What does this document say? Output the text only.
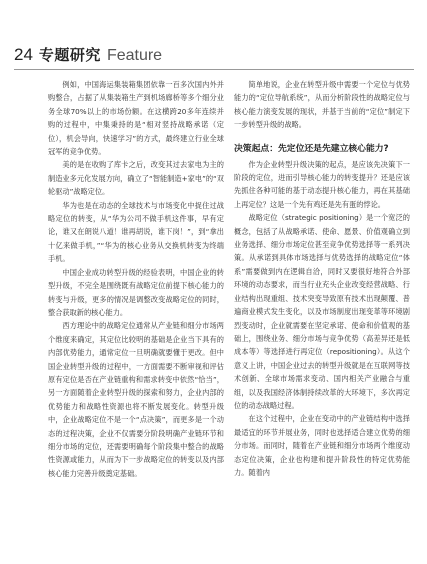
24 专题研究 Feature

例如，中国海运集装箱集团依靠一百多次国内外并购整合，占据了从集装箱生产到机场廊桥等多个细分业务全球70%以上的市场份额。在这横跨20多年连续并购的过程中，中集秉持的是“相对竖持战略承诺（定位），机会导向，快速学习”的方式，最终建立行业全球冠军的竞争优势。

美的是在收购了库卡之后，改变其过去家电为主的制造业多元化发展方向，确立了“智能制造+家电”的“双轮驱动”战略定位。

华为也是在动态的全球技术与市场变化中捉住过战略定位的转变，从“华为公司不做手机这件事，早有定论，谁又在朗说八道！谁再胡说，谁下岗！”，到“拿出十亿来做手机，”“华为的核心业务从交换机转变为终端手机。

中国企业成功转型升级的经验表明，中国企业的转型升级，不完全是围绕既有战略定位前提下核心能力的转变与升级，更多的情况是调整改变战略定位的同时，整合获取新的核心能力。

西方理论中的战略定位通常从产业链和细分市场两个维度来确定，其定位比较明的基础是企业当下具有的内部优势能力，通常定位一旦明确就要懂于更改。但中国企业转型升级的过程中，一方面需要不断审视和评估原有定位是否在产业链重构和需求转变中依然“恰当”，另一方面随着企业转型升级的探索和努力，企业内部的优势能力和战略性资源也将不断发展变化。转型升级中，企业战略定位不是一个“点决策”，而更多是一个动态的过程决策，企业不仅需要分阶段明确产业链环节和细分市场的定位，还需要明确每个阶段集中整合的战略性资源或能力，从而为下一步战略定位的转变以及内部核心能力完善升级奠定基础。

简单地说，企业在转型升级中需要一个定位与优势能力的“定位导航系统”，从而分析阶段性的战略定位与核心能力演变发展的现状，并基于当前的“定位”制定下一步转型升级的战略。

决策起点：先定位还是先建立核心能力?

作为企业转型升级决策的起点，是应该先决策下一阶段的定位，进而引导核心能力的转变提升？还是应该先抓住各种可能的基于动态提升核心能力，再在其基础上再定位？这是一个先有鸡还是先有蛋的悖论。

战略定位（strategic positioning）是一个宽泛的概念，包括了从战略承诺、使命、愿景、价值观确立到业务选择、细分市场定位甚至竞争优势选择等一系列决策。从承诺到具体市场选择与优势选择的战略定位“体系”需要做到内在逻辑自洽，同时又要很好地符合外部环境的动态要求，而当行业充头企业改变经营战略、行业结构出现重组、技术突变导致原有技术出现颠覆、普遍商业模式发生变化，以及市场制度出现变革等环境剧烈变动时，企业就需要在坚定承诺、使命和价值观的基础上，围绕业务、细分市场与竞争优势（高差异还是低成本等）等选择进行再定位（repositioning）。从这个意义上讲，中国企业过去的转型升级就是在互联网等技术创新、全球市场需求变动、国内相关产业融合与重组，以及我国经济体制持续改革的大环境下，多次再定位的动态战略过程。

在这个过程中，企业在变动中的产业链结构中选择最适宜的环节并展业务，同时也选择适合建立优势的细分市场。而同时，随着在产业链和细分市场两个维度动态定位决策，企业也构建和提升阶段性的特定优势能力。随着内
